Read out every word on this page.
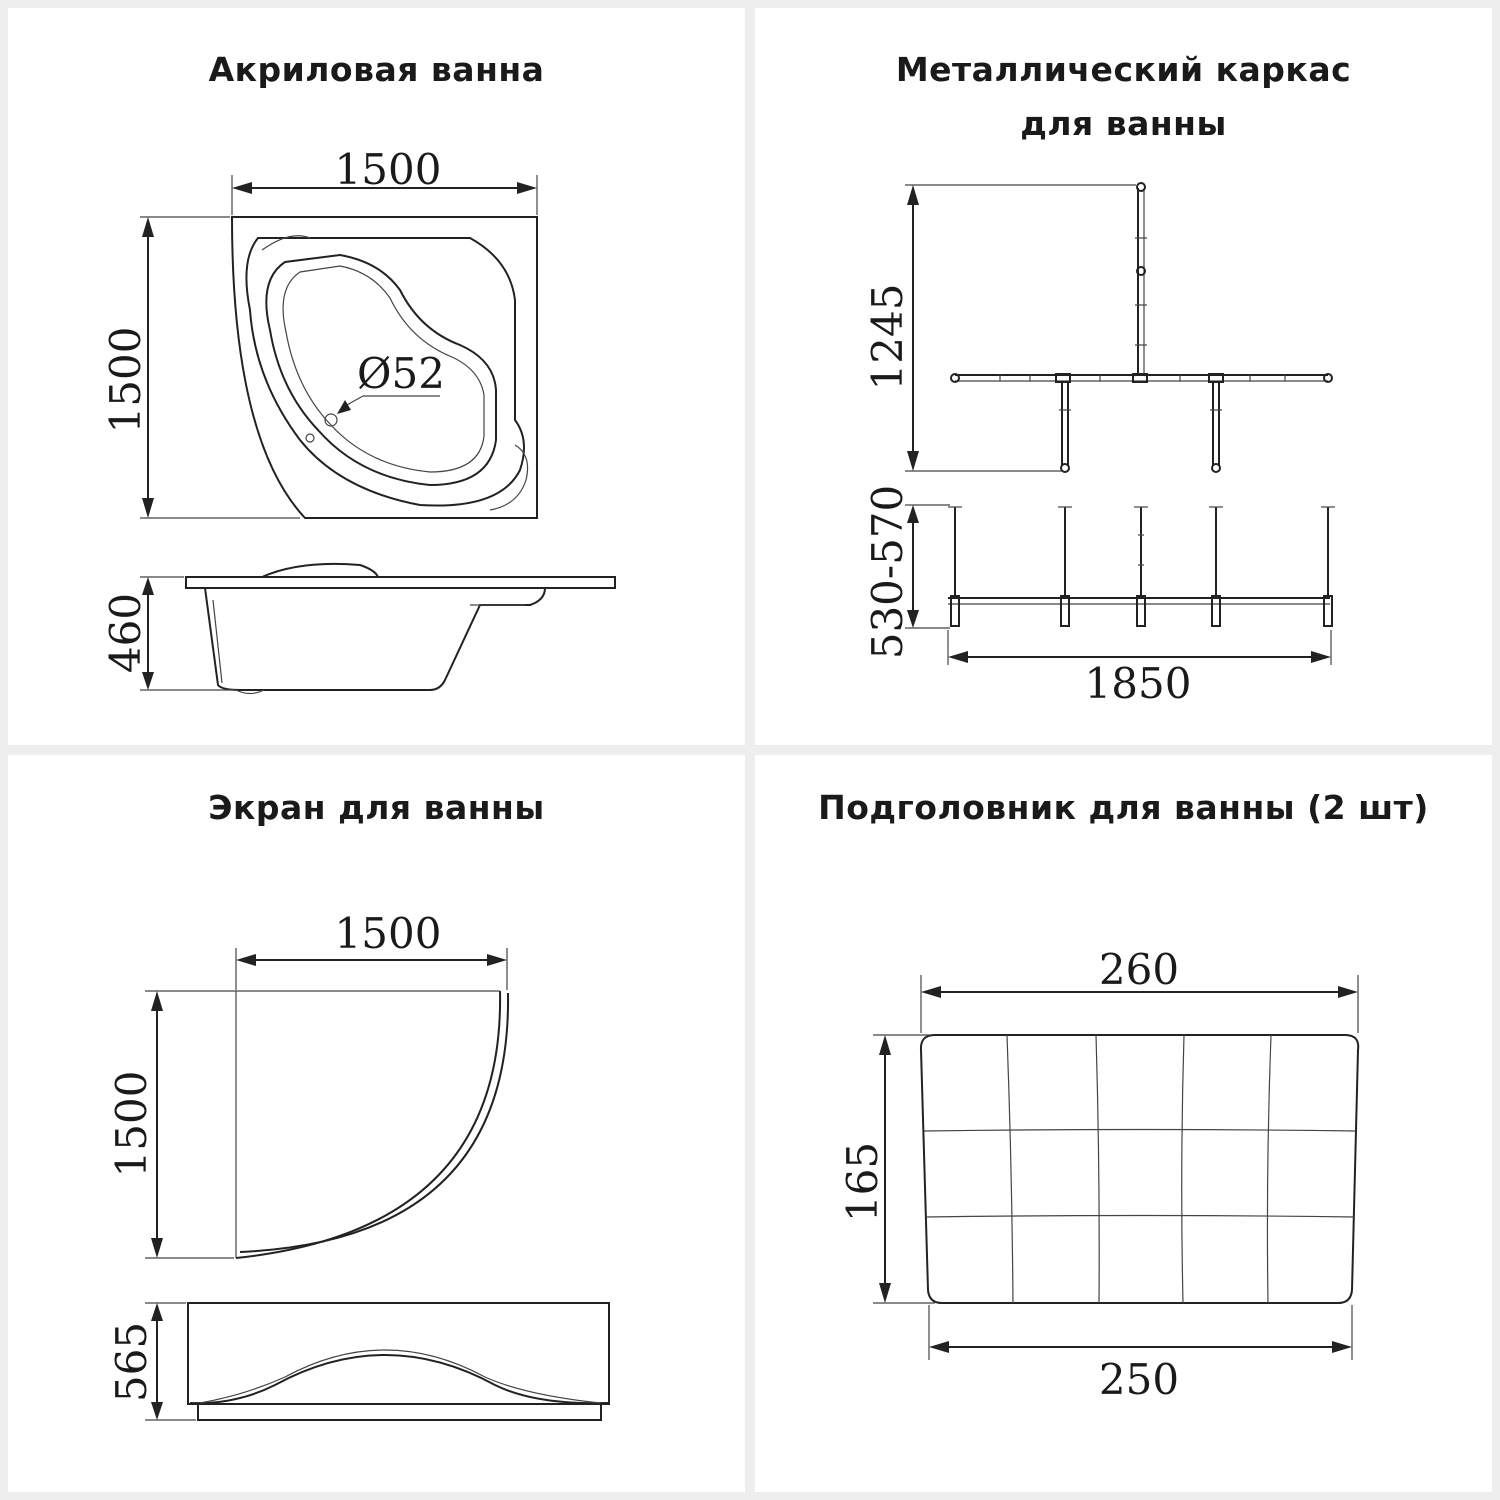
Акриловая ванна
Ø52
1500
1500
460
Металлический каркас
для ванны
1245
530-570
1850
Экран для ванны
1500
1500
565
Подголовник для ванны (2 шт)
260
165
250
